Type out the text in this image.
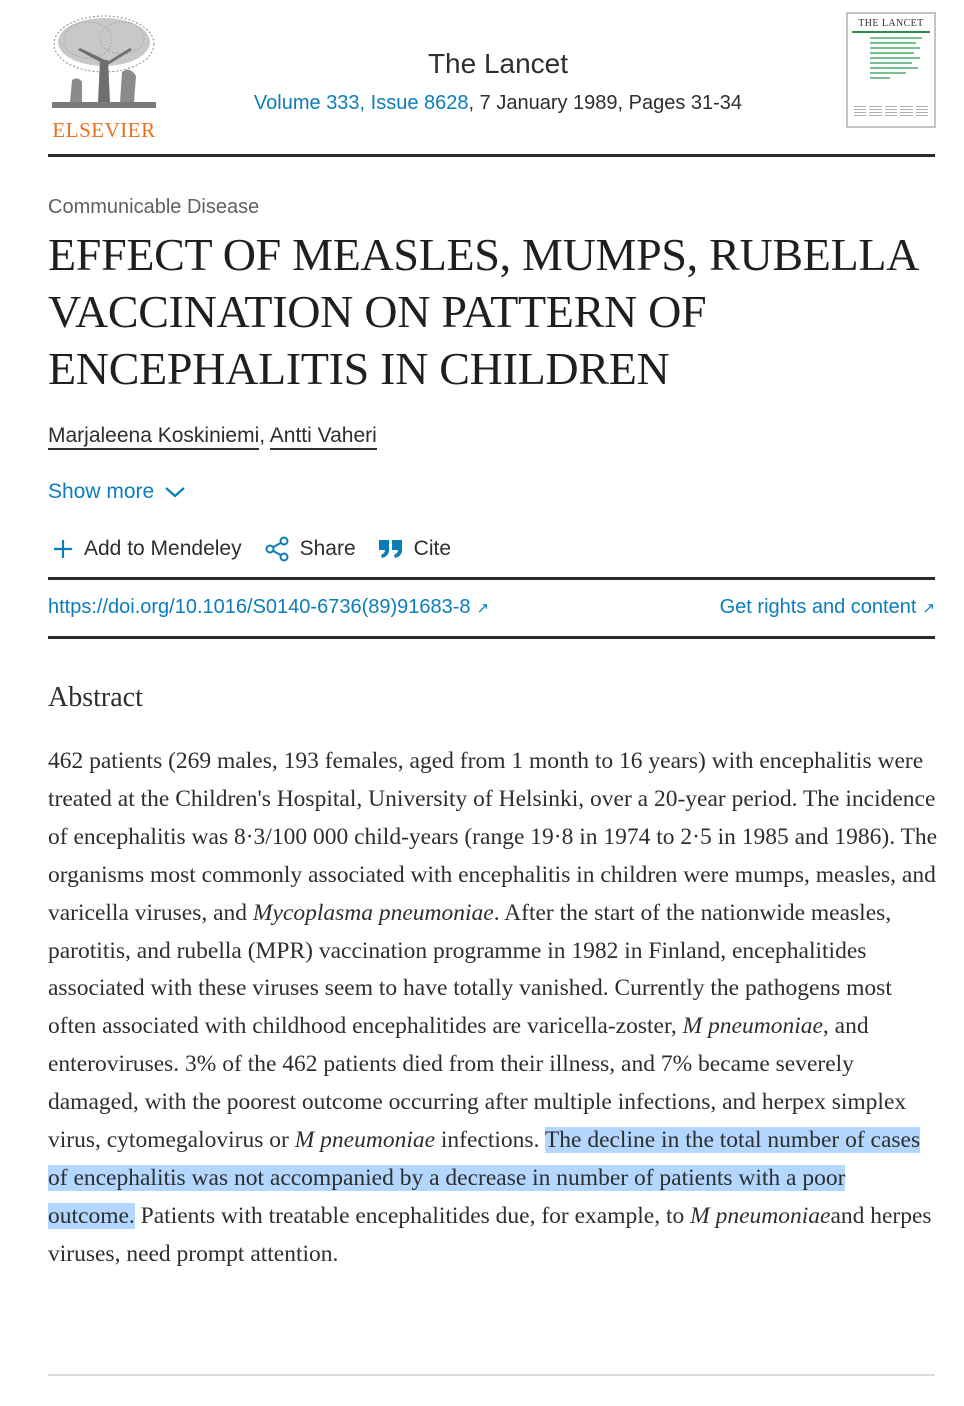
ELSEVIER
The Lancet
Volume 333, Issue 8628, 7 January 1989, Pages 31-34
THE LANCET
Communicable Disease
EFFECT OF MEASLES, MUMPS, RUBELLA VACCINATION ON PATTERN OF ENCEPHALITIS IN CHILDREN
Marjaleena Koskiniemi, Antti Vaheri
Show more
Add to Mendeley	Share	Cite
https://doi.org/10.1016/S0140-6736(89)91683-8 ↗	Get rights and content ↗
Abstract

462 patients (269 males, 193 females, aged from 1 month to 16 years) with encephalitis were treated at the Children's Hospital, University of Helsinki, over a 20-year period. The incidence of encephalitis was 8·3/100 000 child-years (range 19·8 in 1974 to 2·5 in 1985 and 1986). The organisms most commonly associated with encephalitis in children were mumps, measles, and varicella viruses, and Mycoplasma pneumoniae. After the start of the nationwide measles, parotitis, and rubella (MPR) vaccination programme in 1982 in Finland, encephalitides associated with these viruses seem to have totally vanished. Currently the pathogens most often associated with childhood encephalitides are varicella-zoster, M pneumoniae, and enteroviruses. 3% of the 462 patients died from their illness, and 7% became severely damaged, with the poorest outcome occurring after multiple infections, and herpex simplex virus, cytomegalovirus or M pneumoniae infections. The decline in the total number of cases of encephalitis was not accompanied by a decrease in number of patients with a poor outcome. Patients with treatable encephalitides due, for example, to M pneumoniaeand herpes viruses, need prompt attention.
